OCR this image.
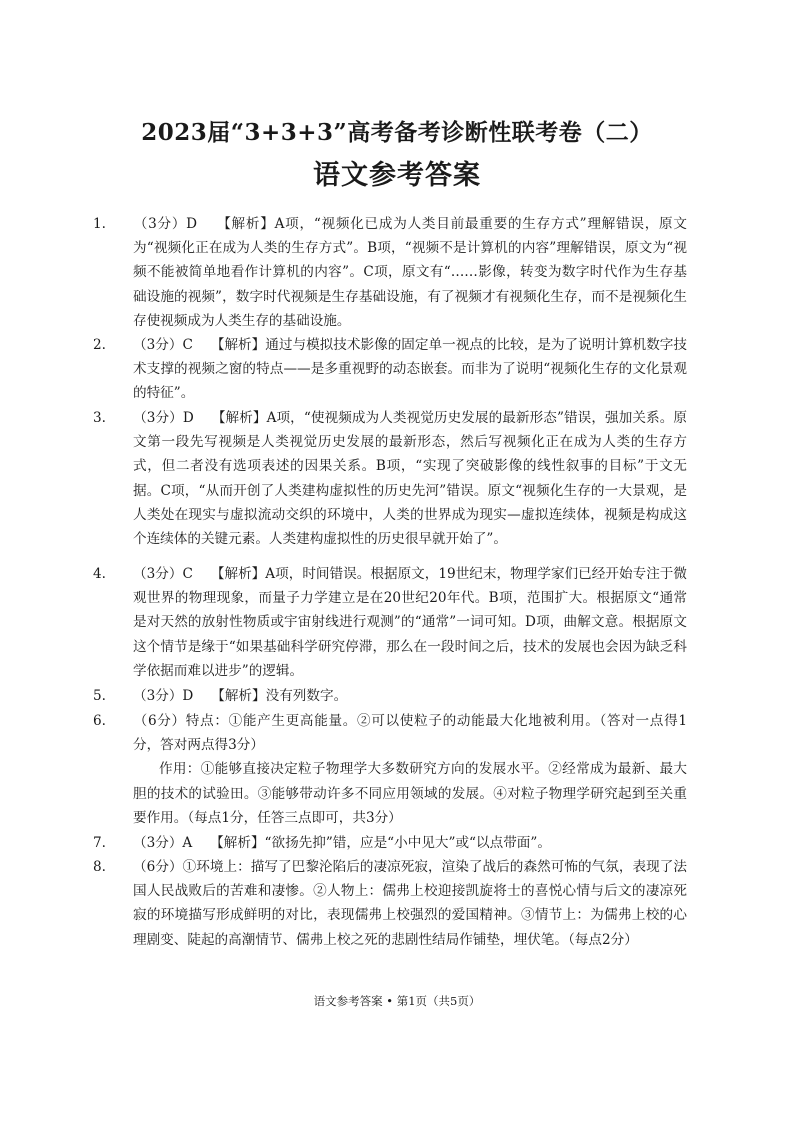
2023届“3+3+3”高考备考诊断性联考卷（二）
语文参考答案

1. （3分）D　 【解析】A项，“视频化已成为人类目前最重要的生存方式”理解错误，原文为“视频化正在成为人类的生存方式”。B项，“视频不是计算机的内容”理解错误，原文为“视频不能被简单地看作计算机的内容”。C项，原文有“……影像，转变为数字时代作为生存基础设施的视频”，数字时代视频是生存基础设施，有了视频才有视频化生存，而不是视频化生存使视频成为人类生存的基础设施。

2. （3分）C　 【解析】通过与模拟技术影像的固定单一视点的比较，是为了说明计算机数字技术支撑的视频之窗的特点——是多重视野的动态嵌套。而非为了说明“视频化生存的文化景观的特征”。

3. （3分）D　 【解析】A项，“使视频成为人类视觉历史发展的最新形态”错误，强加关系。原文第一段先写视频是人类视觉历史发展的最新形态，然后写视频化正在成为人类的生存方式，但二者没有选项表述的因果关系。B项，“实现了突破影像的线性叙事的目标”于文无据。C项，“从而开创了人类建构虚拟性的历史先河”错误。原文“视频化生存的一大景观，是人类处在现实与虚拟流动交织的环境中，人类的世界成为现实—虚拟连续体，视频是构成这个连续体的关键元素。人类建构虚拟性的历史很早就开始了”。

4. （3分）C　 【解析】A项，时间错误。根据原文，19世纪末，物理学家们已经开始专注于微观世界的物理现象，而量子力学建立是在20世纪20年代。B项，范围扩大。根据原文“通常是对天然的放射性物质或宇宙射线进行观测”的“通常”一词可知。D项，曲解文意。根据原文这个情节是缘于“如果基础科学研究停滞，那么在一段时间之后，技术的发展也会因为缺乏科学依据而难以进步”的逻辑。

5. （3分）D　 【解析】没有列数字。

6. （6分）特点：①能产生更高能量。②可以使粒子的动能最大化地被利用。（答对一点得1分，答对两点得3分）

作用：①能够直接决定粒子物理学大多数研究方向的发展水平。②经常成为最新、最大胆的技术的试验田。③能够带动许多不同应用领域的发展。④对粒子物理学研究起到至关重要作用。（每点1分，任答三点即可，共3分）

7. （3分）A　 【解析】“欲扬先抑”错，应是“小中见大”或“以点带面”。

8. （6分）①环境上：描写了巴黎沦陷后的凄凉死寂，渲染了战后的森然可怖的气氛，表现了法国人民战败后的苦难和凄惨。②人物上：儒弗上校迎接凯旋将士的喜悦心情与后文的凄凉死寂的环境描写形成鲜明的对比，表现儒弗上校强烈的爱国精神。③情节上：为儒弗上校的心理剧变、陡起的高潮情节、儒弗上校之死的悲剧性结局作铺垫，埋伏笔。（每点2分）

语文参考答案 • 第1页（共5页）
